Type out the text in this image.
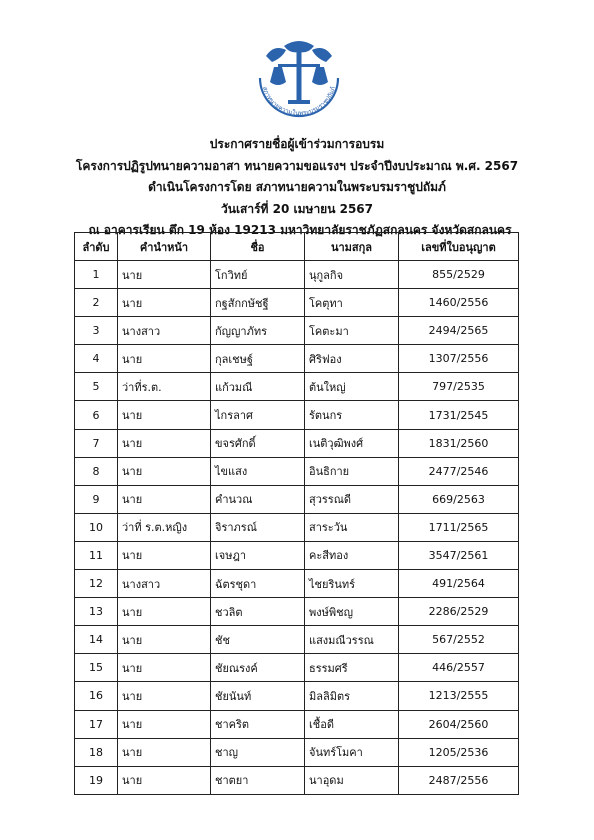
สภาทนายความในพระบรมราชูปถัมภ์
ประกาศรายชื่อผู้เข้าร่วมการอบรม
โครงการปฏิรูปทนายความอาสา ทนายความขอแรงฯ ประจำปีงบประมาณ พ.ศ. 2567
ดำเนินโครงการโดย สภาทนายความในพระบรมราชูปถัมภ์
วันเสาร์ที่ 20 เมษายน 2567
ณ อาคารเรียน ตึก 19 ห้อง 19213 มหาวิทยาลัยราชภัฏสกลนคร จังหวัดสกลนคร
ลำดับ	คำนำหน้า	ชื่อ	นามสกุล	เลขที่ใบอนุญาต
1	นาย	โกวิทย์	นุกูลกิจ	855/2529
2	นาย	กฐสักกษัชฐี	โคตุทา	1460/2556
3	นางสาว	กัญญาภัทร	โคตะมา	2494/2565
4	นาย	กุลเชษฐ์	ศิริฟอง	1307/2556
5	ว่าที่ร.ต.	แก้วมณี	ต้นใหญ่	797/2535
6	นาย	ไกรลาศ	รัตนกร	1731/2545
7	นาย	ขจรศักดิ์	เนติวุฒิพงศ์	1831/2560
8	นาย	ไขแสง	อินธิกาย	2477/2546
9	นาย	คำนวณ	สุวรรณดี	669/2563
10	ว่าที่ ร.ต.หญิง	จิราภรณ์	สาระวัน	1711/2565
11	นาย	เจษฎา	คะสีทอง	3547/2561
12	นางสาว	ฉัตรชุดา	ไชยรินทร์	491/2564
13	นาย	ชวลิต	พงษ์พิชญ	2286/2529
14	นาย	ชัช	แสงมณีวรรณ	567/2552
15	นาย	ชัยณรงค์	ธรรมศรี	446/2557
16	นาย	ชัยนันท์	มิลลิมิตร	1213/2555
17	นาย	ชาคริต	เชื้อดี	2604/2560
18	นาย	ชาญ	จันทร์โมคา	1205/2536
19	นาย	ชาตยา	นาอุดม	2487/2556
